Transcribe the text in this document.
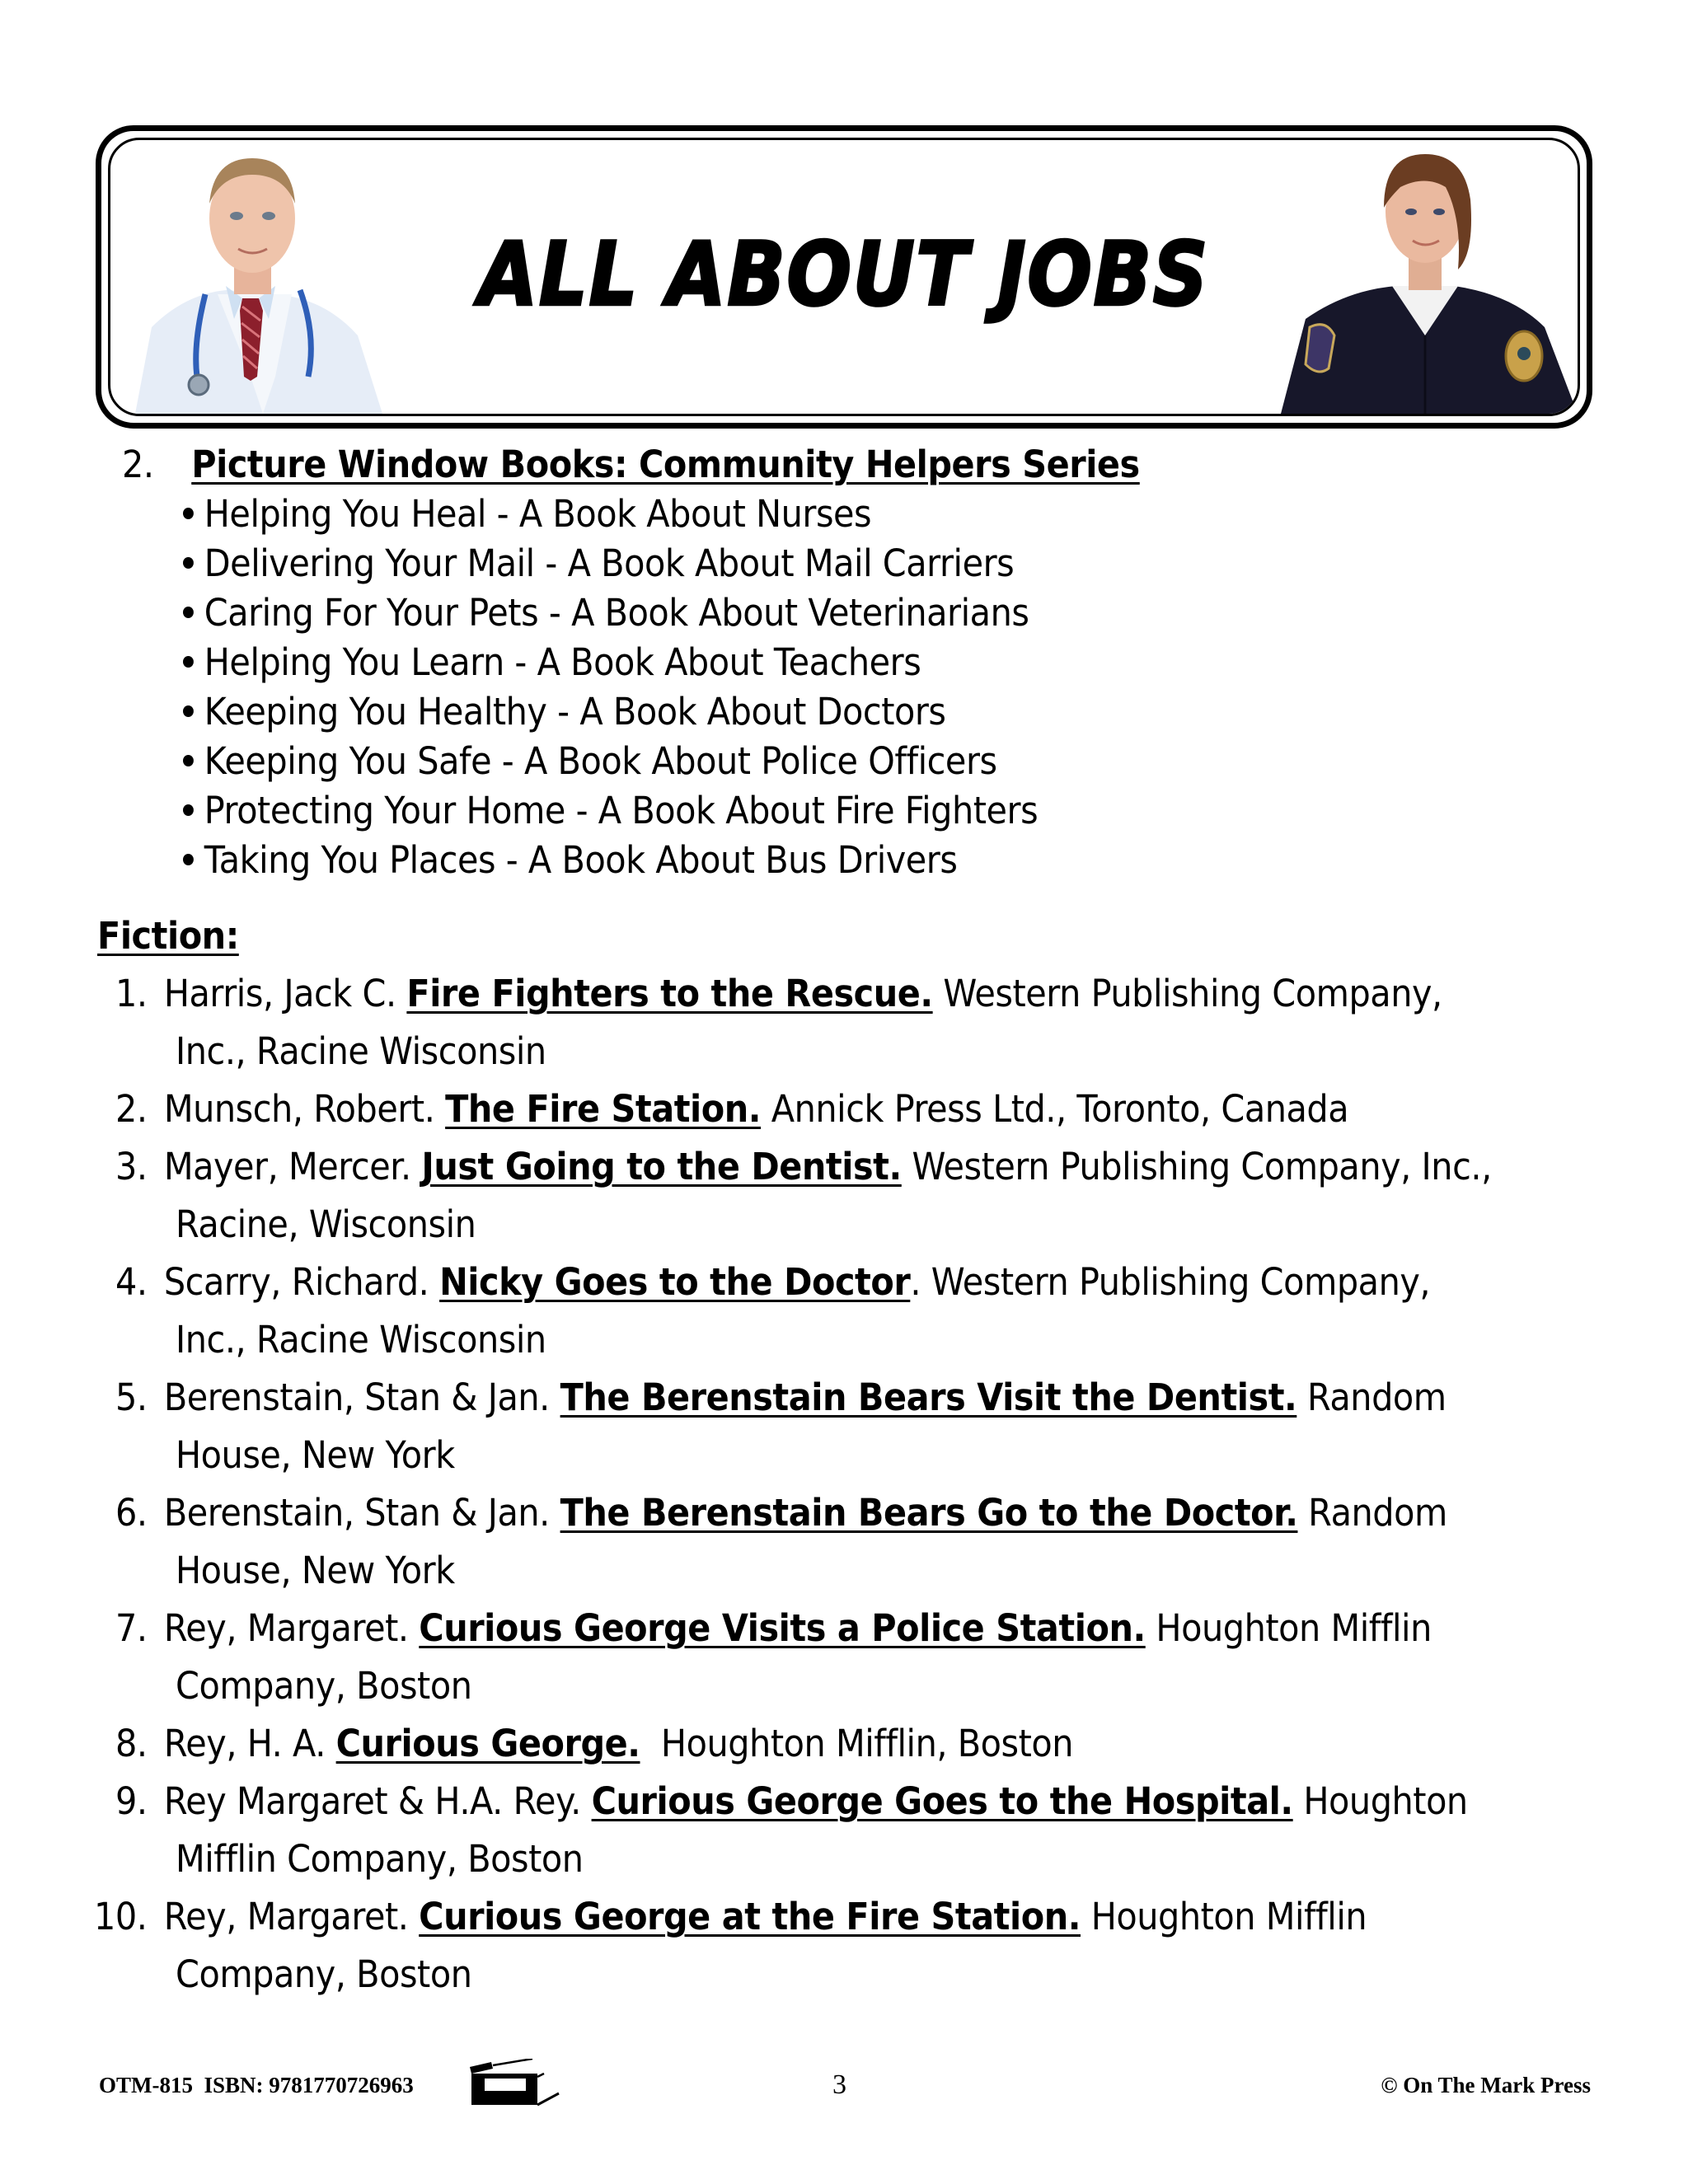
ALL ABOUT JOBS
2. Picture Window Books: Community Helpers Series
Helping You Heal - A Book About Nurses
Delivering Your Mail - A Book About Mail Carriers
Caring For Your Pets - A Book About Veterinarians
Helping You Learn - A Book About Teachers
Keeping You Healthy - A Book About Doctors
Keeping You Safe - A Book About Police Officers
Protecting Your Home - A Book About Fire Fighters
Taking You Places - A Book About Bus Drivers
Fiction:
1. Harris, Jack C. Fire Fighters to the Rescue. Western Publishing Company,
Inc., Racine Wisconsin
2. Munsch, Robert. The Fire Station. Annick Press Ltd., Toronto, Canada
3. Mayer, Mercer. Just Going to the Dentist. Western Publishing Company, Inc.,
Racine, Wisconsin
4. Scarry, Richard. Nicky Goes to the Doctor. Western Publishing Company,
Inc., Racine Wisconsin
5. Berenstain, Stan & Jan. The Berenstain Bears Visit the Dentist. Random
House, New York
6. Berenstain, Stan & Jan. The Berenstain Bears Go to the Doctor. Random
House, New York
7. Rey, Margaret. Curious George Visits a Police Station. Houghton Mifflin
Company, Boston
8. Rey, H. A. Curious George.  Houghton Mifflin, Boston
9. Rey Margaret & H.A. Rey. Curious George Goes to the Hospital. Houghton
Mifflin Company, Boston
10. Rey, Margaret. Curious George at the Fire Station. Houghton Mifflin
Company, Boston
OTM-815  ISBN: 9781770726963	3	© On The Mark Press
